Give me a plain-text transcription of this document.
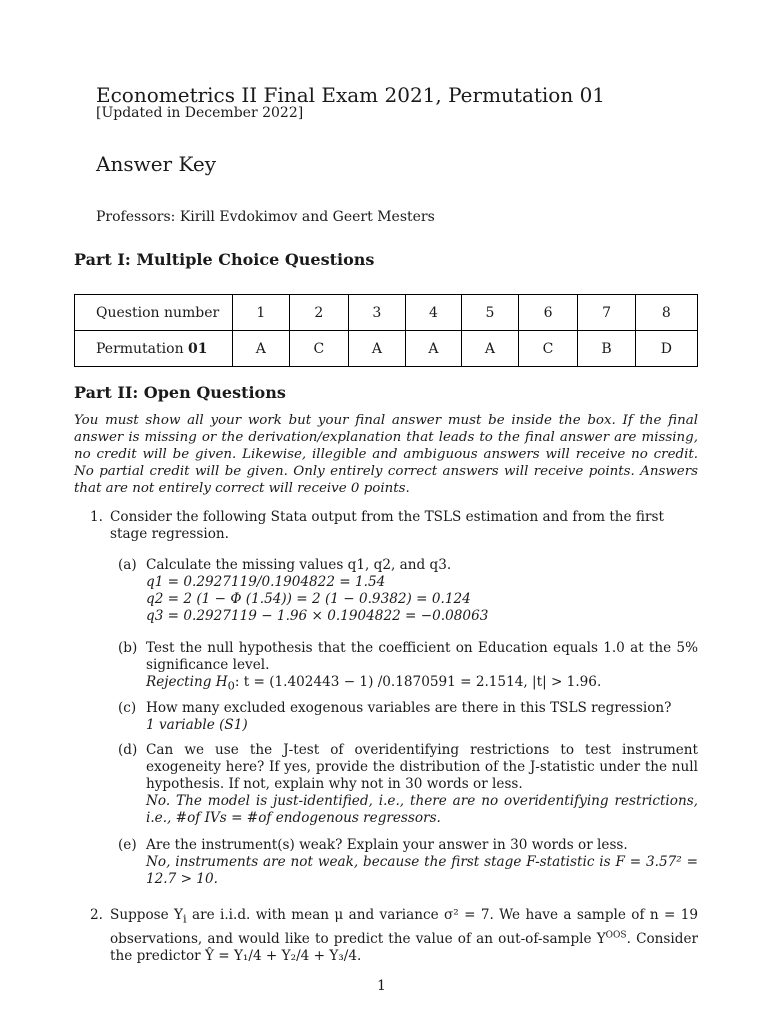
Econometrics II Final Exam 2021, Permutation 01
[Updated in December 2022]
Answer Key
Professors: Kirill Evdokimov and Geert Mesters
Part I: Multiple Choice Questions
Question number	1	2	3	4	5	6	7	8
Permutation 01	A	C	A	A	A	C	B	D
Part II: Open Questions
You must show all your work but your final answer must be inside the box. If the final answer is missing or the derivation/explanation that leads to the final answer are missing, no credit will be given. Likewise, illegible and ambiguous answers will receive no credit. No partial credit will be given. Only entirely correct answers will receive points. Answers that are not entirely correct will receive 0 points.
1. Consider the following Stata output from the TSLS estimation and from the first stage regression.
(a) Calculate the missing values q1, q2, and q3.
q1 = 0.2927119/0.1904822 = 1.54
q2 = 2 (1 − Φ (1.54)) = 2 (1 − 0.9382) = 0.124
q3 = 0.2927119 − 1.96 × 0.1904822 = −0.08063
(b) Test the null hypothesis that the coefficient on Education equals 1.0 at the 5% significance level.
Rejecting $H_0$: t = (1.402443 − 1) /0.1870591 = 2.1514, |t| > 1.96.
(c) How many excluded exogenous variables are there in this TSLS regression?
1 variable (S1)
(d) Can we use the J-test of overidentifying restrictions to test instrument exogeneity here? If yes, provide the distribution of the J-statistic under the null hypothesis. If not, explain why not in 30 words or less.
No. The model is just-identified, i.e., there are no overidentifying restrictions, i.e., #of IVs = #of endogenous regressors.
(e) Are the instrument(s) weak? Explain your answer in 30 words or less.
No, instruments are not weak, because the first stage F-statistic is F = 3.57² = 12.7 > 10.
2. Suppose $Y_i$ are i.i.d. with mean μ and variance σ² = 7. We have a sample of n = 19 observations, and would like to predict the value of an out-of-sample $Y^{OOS}$. Consider the predictor Ŷ = Y₁/4 + Y₂/4 + Y₃/4.
1
